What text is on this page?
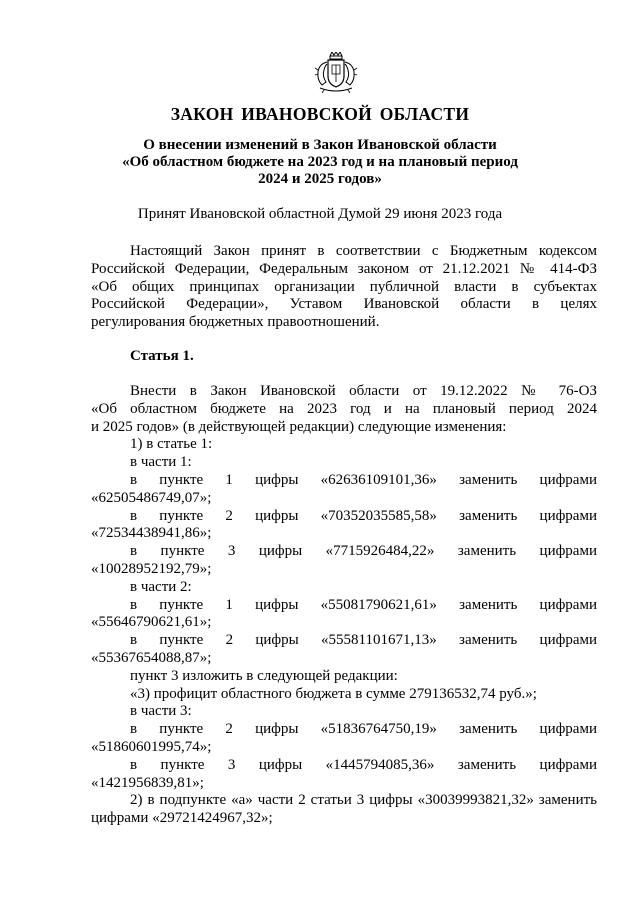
ЗАКОН ИВАНОВСКОЙ ОБЛАСТИ
О внесении изменений в Закон Ивановской области
«Об областном бюджете на 2023 год и на плановый период
2024 и 2025 годов»
Принят Ивановской областной Думой 29 июня 2023 года
Настоящий Закон принят в соответствии с Бюджетным кодексом
Российской Федерации, Федеральным законом от 21.12.2021 № 414-ФЗ
«Об общих принципах организации публичной власти в субъектах
Российской Федерации», Уставом Ивановской области в целях
регулирования бюджетных правоотношений.
Статья 1.
Внести в Закон Ивановской области от 19.12.2022 № 76-ОЗ
«Об областном бюджете на 2023 год и на плановый период 2024
и 2025 годов» (в действующей редакции) следующие изменения:
1) в статье 1:
в части 1:
в пункте 1 цифры «62636109101,36» заменить цифрами
«62505486749,07»;
в пункте 2 цифры «70352035585,58» заменить цифрами
«72534438941,86»;
в пункте 3 цифры «7715926484,22» заменить цифрами
«10028952192,79»;
в части 2:
в пункте 1 цифры «55081790621,61» заменить цифрами
«55646790621,61»;
в пункте 2 цифры «55581101671,13» заменить цифрами
«55367654088,87»;
пункт 3 изложить в следующей редакции:
«3) профицит областного бюджета в сумме 279136532,74 руб.»;
в части 3:
в пункте 2 цифры «51836764750,19» заменить цифрами
«51860601995,74»;
в пункте 3 цифры «1445794085,36» заменить цифрами
«1421956839,81»;
2) в подпункте «а» части 2 статьи 3 цифры «30039993821,32» заменить
цифрами «29721424967,32»;
